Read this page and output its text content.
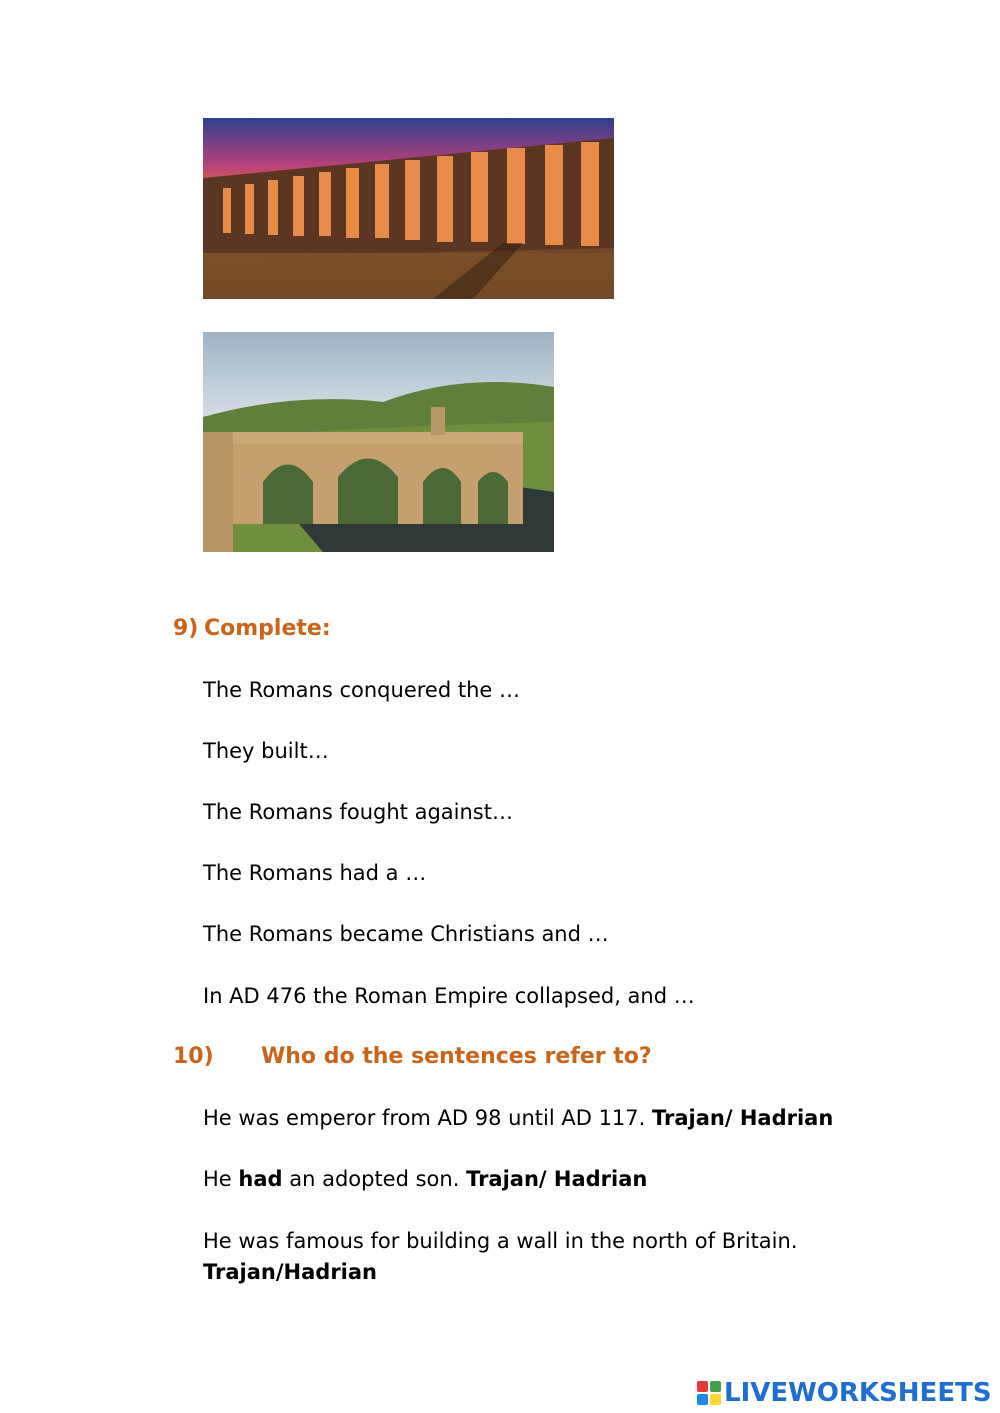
9) Complete:
The Romans conquered the …
They built…
The Romans fought against…
The Romans had a …
The Romans became Christians and …
In AD 476 the Roman Empire collapsed, and …
10) Who do the sentences refer to?
He was emperor from AD 98 until AD 117. Trajan/ Hadrian
He had an adopted son. Trajan/ Hadrian
He was famous for building a wall in the north of Britain.
Trajan/Hadrian
LIVEWORKSHEETS
